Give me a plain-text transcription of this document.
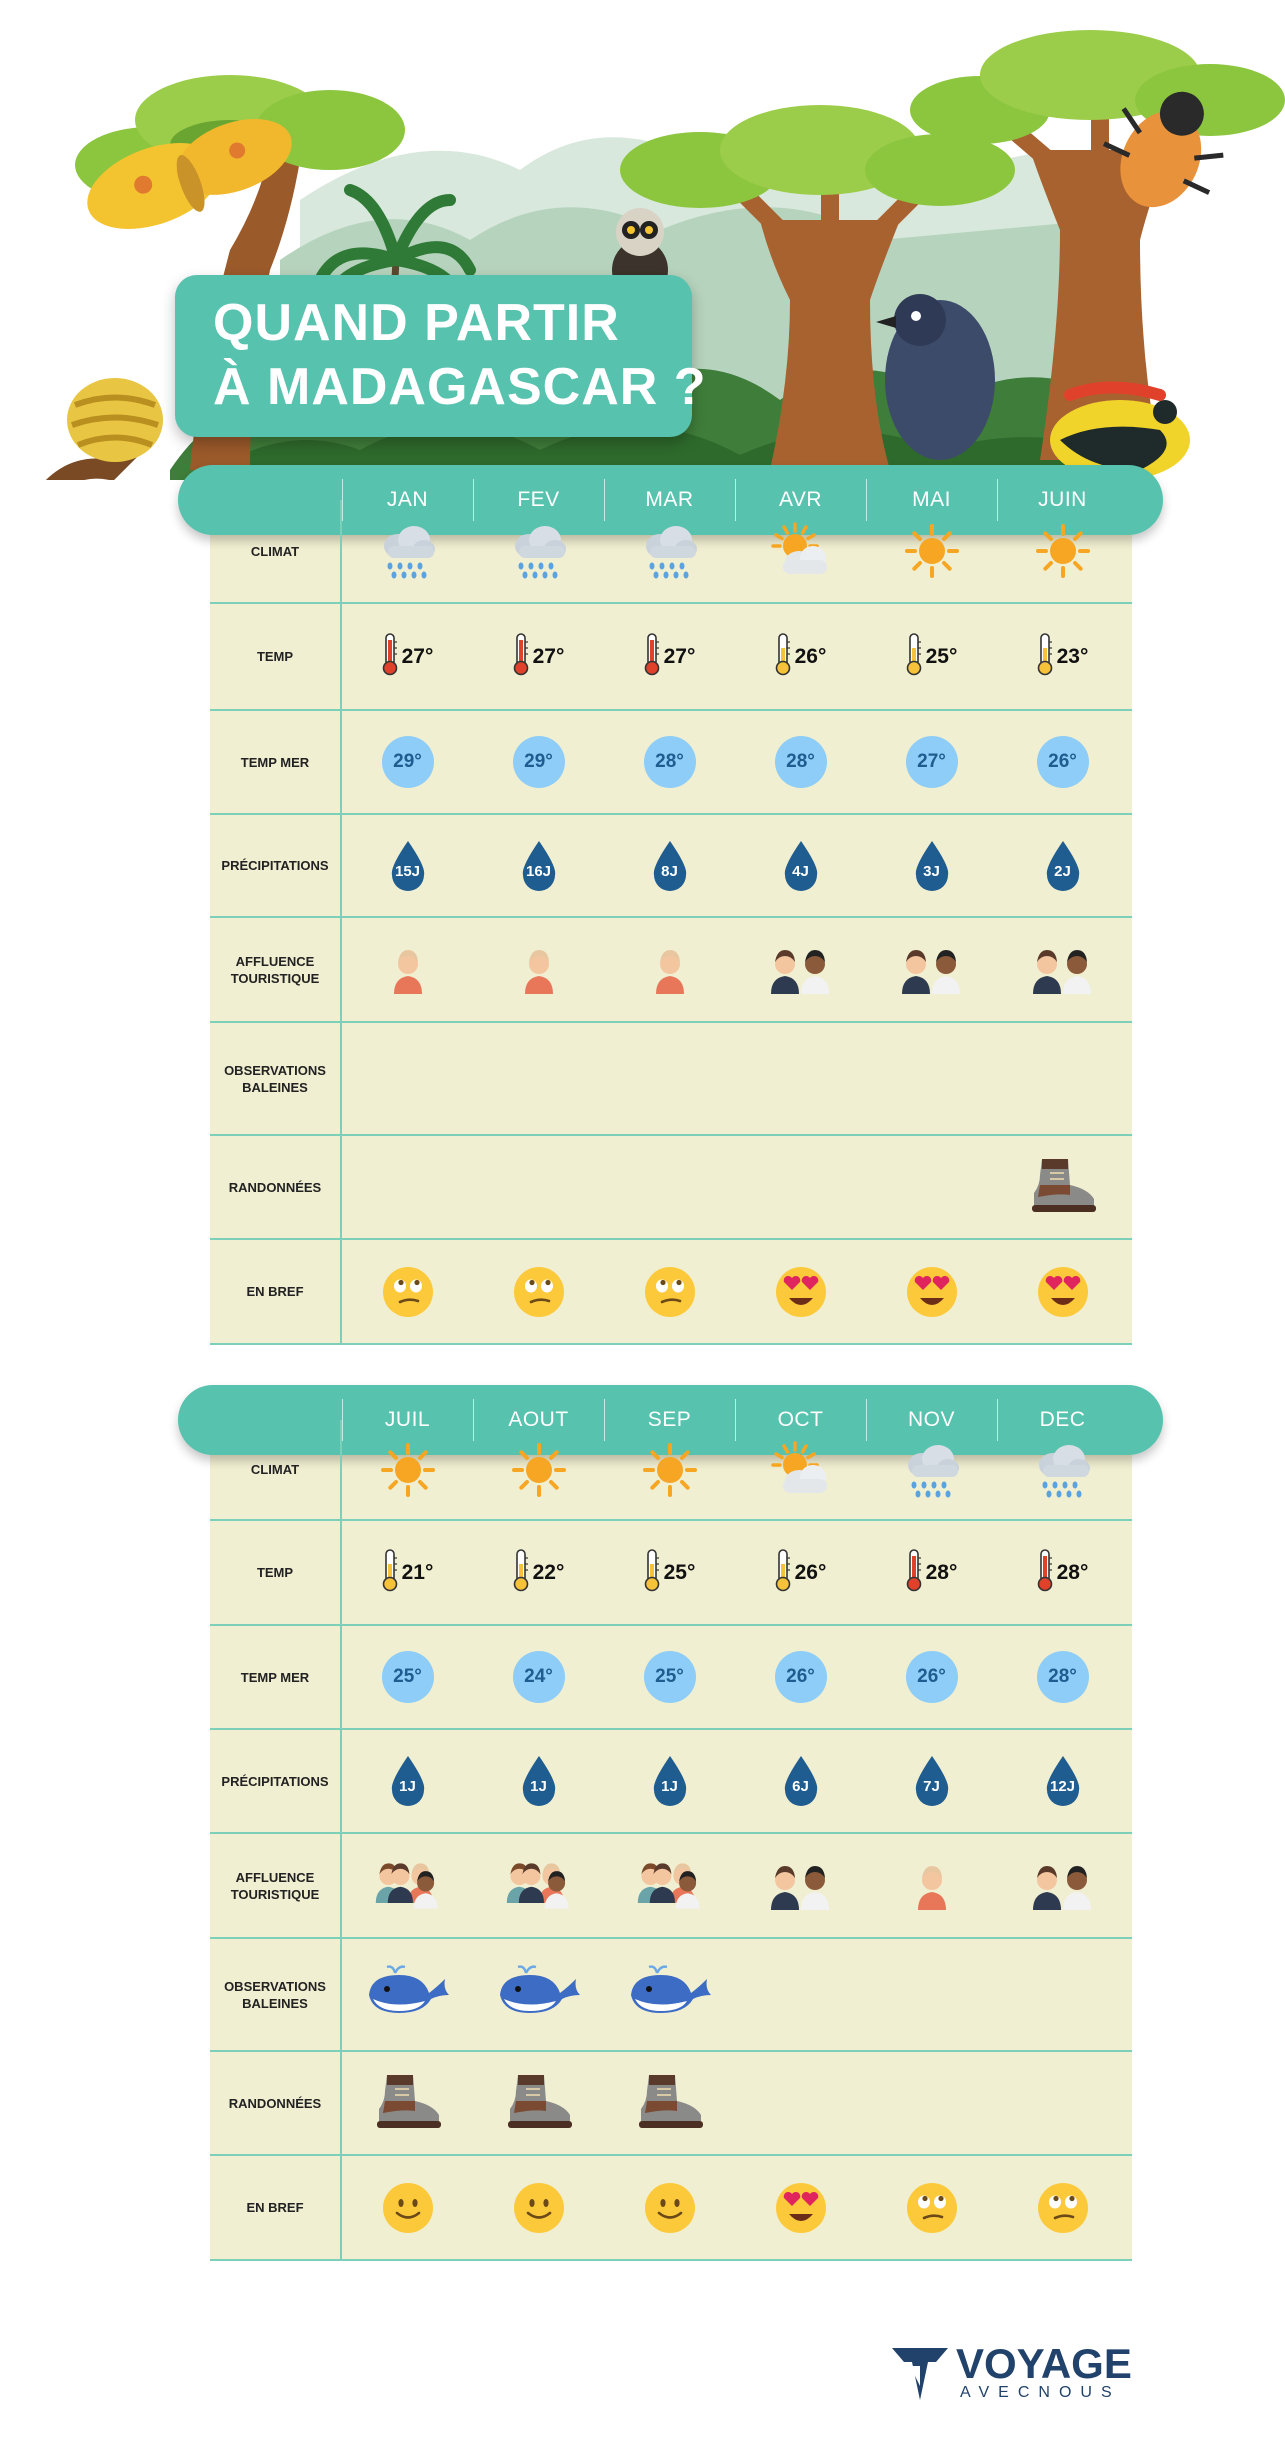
QUAND PARTIR
À MADAGASCAR ?
JAN	FEV	MAR	AVR	MAI	JUIN
CLIMAT
TEMP	27°	27°	27°	26°	25°	23°
TEMP MER	29°	29°	28°	28°	27°	26°
PRÉCIPITATIONS	15J	16J	8J	4J	3J	2J
AFFLUENCE
TOURISTIQUE
OBSERVATIONS
BALEINES
RANDONNÉES
EN BREF
JUIL	AOUT	SEP	OCT	NOV	DEC
CLIMAT
TEMP	21°	22°	25°	26°	28°	28°
TEMP MER	25°	24°	25°	26°	26°	28°
PRÉCIPITATIONS	1J	1J	1J	6J	7J	12J
AFFLUENCE
TOURISTIQUE
OBSERVATIONS
BALEINES
RANDONNÉES
EN BREF
VOYAGE
AVECNOUS
